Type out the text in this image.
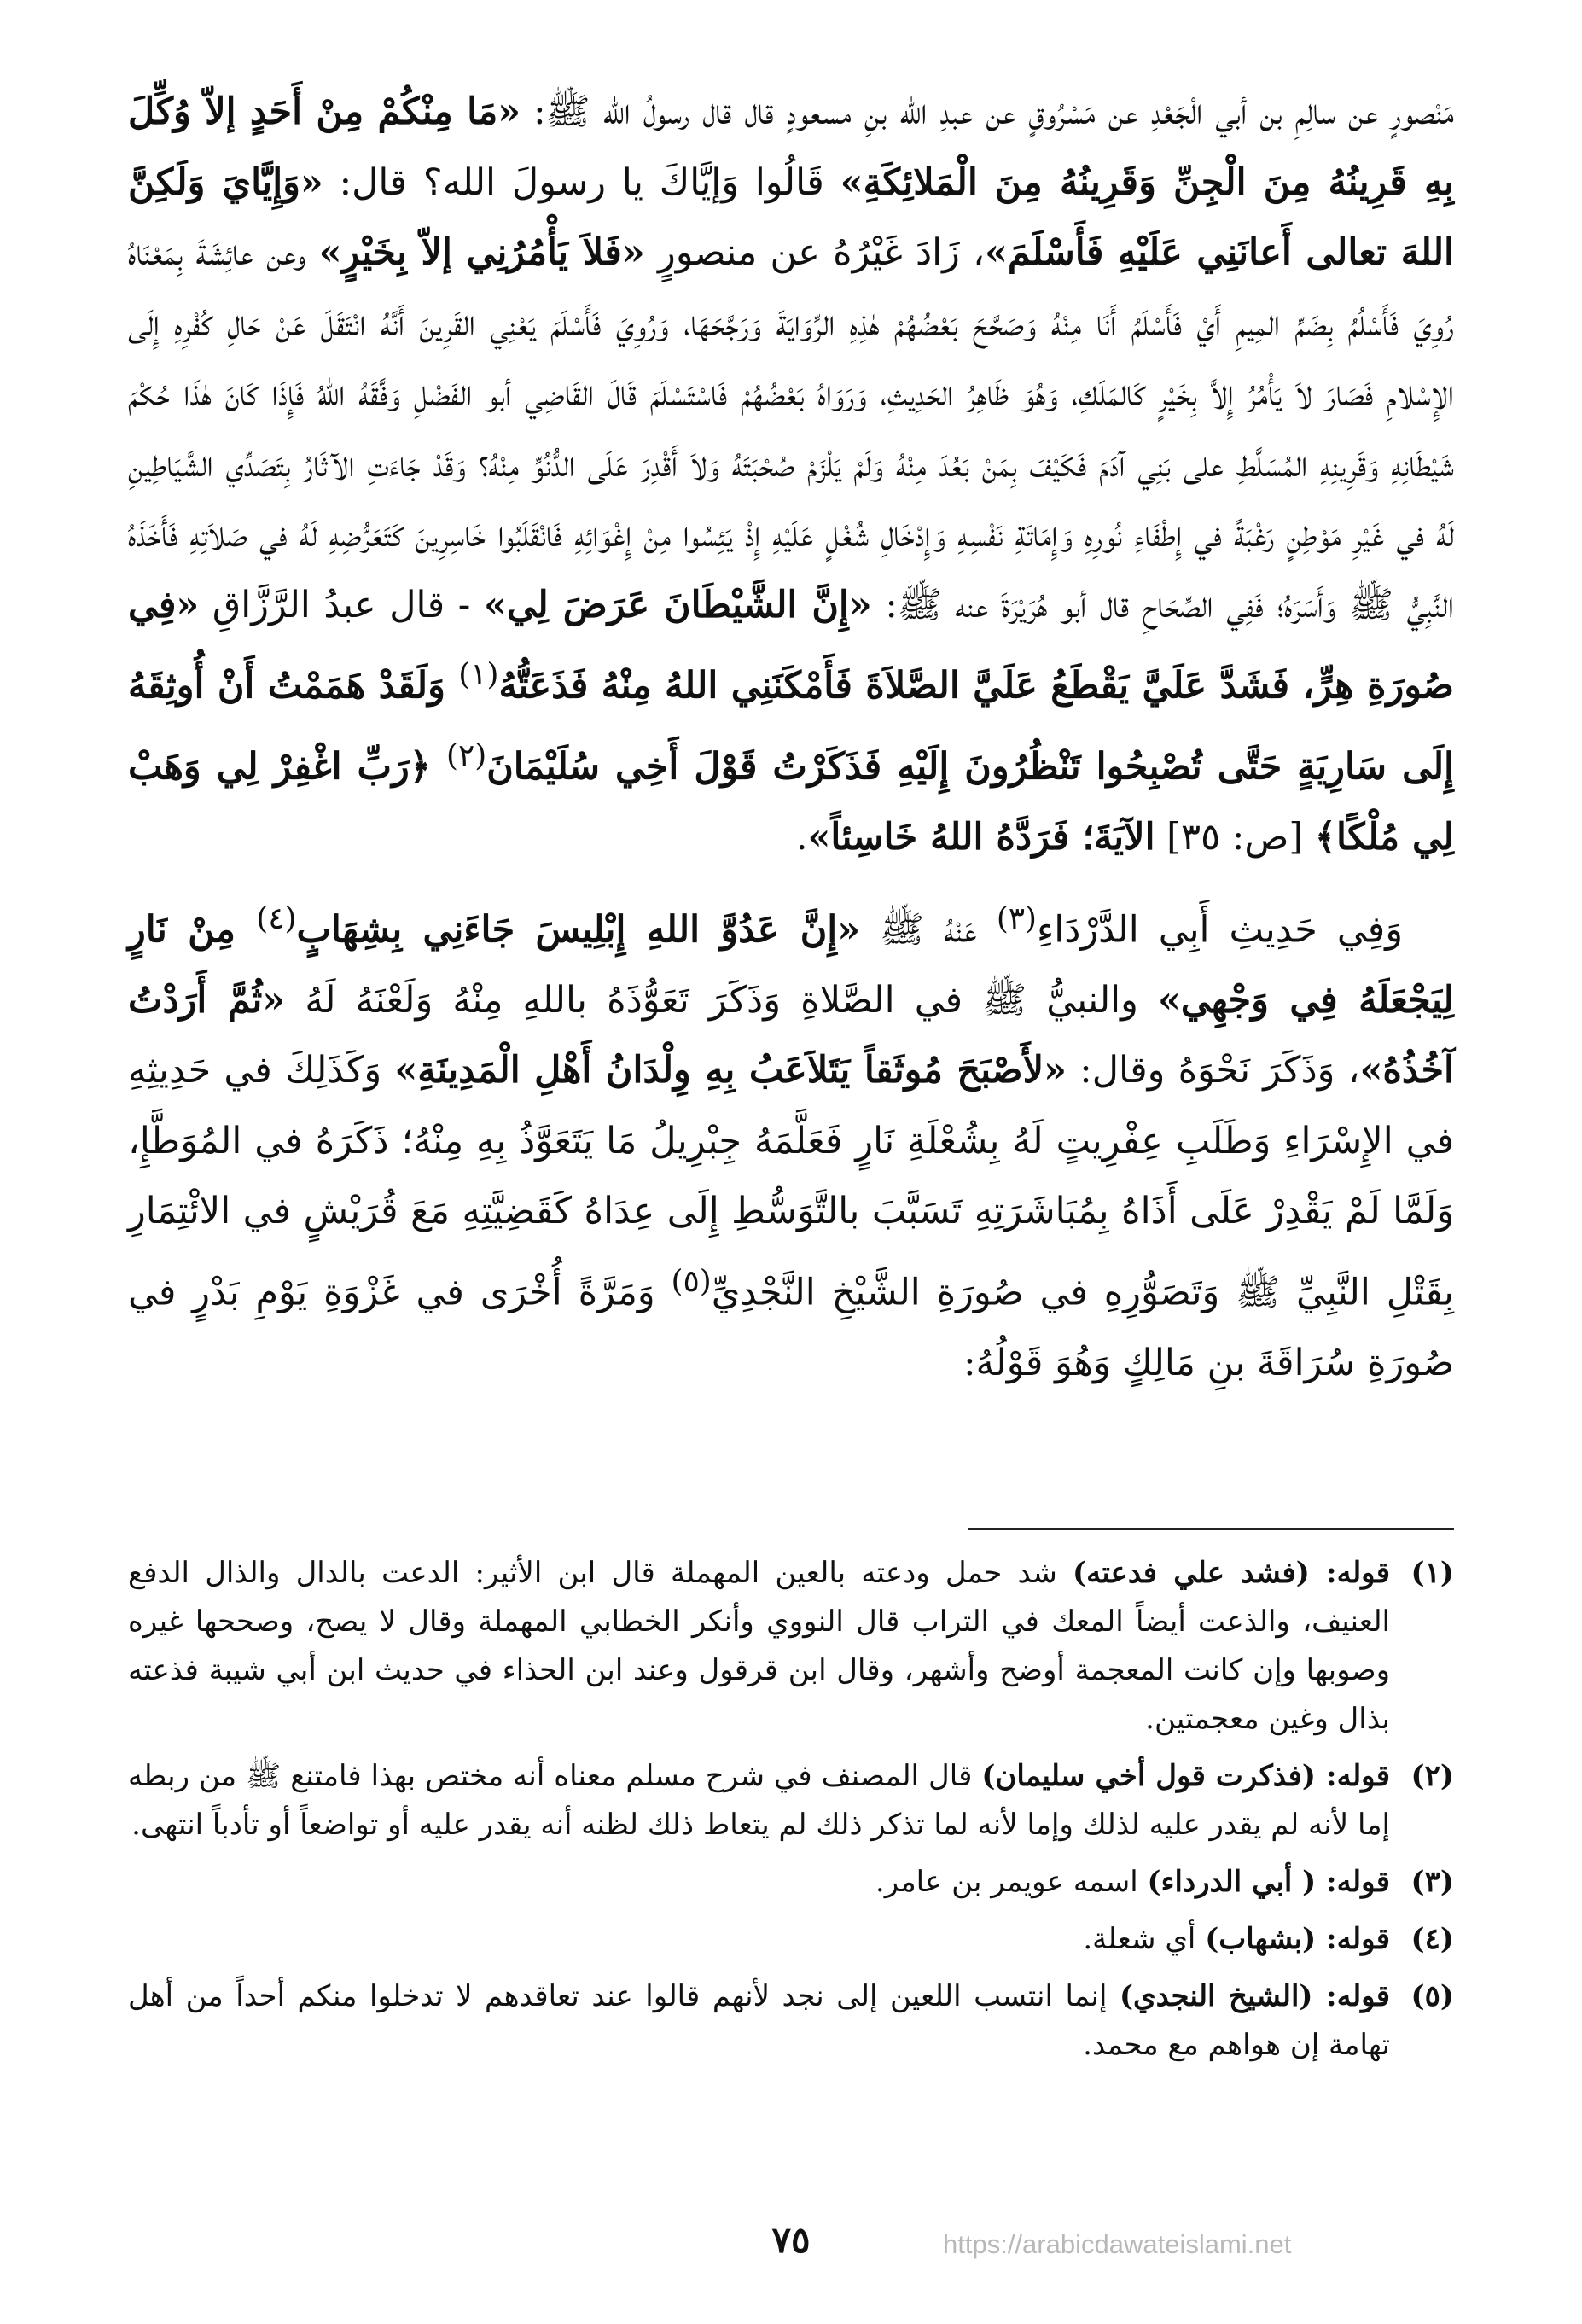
مَنْصورٍ عن سالِمِ بن أبي الْجَعْدِ عن مَسْرُوقٍ عن عبدِ الله بنِ مسعودٍ قال قال رسولُ الله ﷺ: «مَا مِنْكُمْ مِنْ أَحَدٍ إلاّ وُكِّلَ بِهِ قَرِينُهُ مِنَ الْجِنِّ وَقَرِينُهُ مِنَ الْمَلائِكَةِ» قَالُوا وَإيَّاكَ يا رسولَ الله؟ قال: «وَإِيَّايَ وَلَكِنَّ اللهَ تعالى أَعانَنِي عَلَيْهِ فَأَسْلَمَ»، زَادَ غَيْرُهُ عن منصورٍ «فَلاَ يَأْمُرُنِي إلاّ بِخَيْرٍ» وعن عائِشَةَ بِمَعْنَاهُ رُوِيَ فَأَسْلُمُ بِضَمِّ المِيمِ أَيْ فَأَسْلَمُ أَنَا مِنْهُ وَصَحَّحَ بَعْضُهُمْ هٰذِهِ الرِّوَايَةَ وَرَجَّحَهَا، وَرُوِيَ فَأَسْلَمَ يَعْنِي القَرِينَ أَنَّهُ انْتَقَلَ عَنْ حَالِ كُفْرِهِ إِلَى الإِسْلامِ فَصَارَ لاَ يَأْمُرُ إِلاَّ بِخَيْرٍ كَالمَلَكِ، وَهُوَ ظَاهِرُ الحَدِيثِ، وَرَوَاهُ بَعْضُهُمْ فَاسْتَسْلَمَ قَالَ القَاضِي أبو الفَضْلِ وَفَّقَهُ اللهُ فَإِذَا كَانَ هٰذَا حُكْمَ شَيْطَانِهِ وَقَرِينِهِ المُسَلَّطِ على بَنِي آدَمَ فَكَيْفَ بِمَنْ بَعُدَ مِنْهُ وَلَمْ يَلْزَمْ صُحْبَتَهُ وَلاَ أَقْدِرَ عَلَى الدُّنُوِّ مِنْهُ؟ وَقَدْ جَاءَتِ الآثَارُ بِتَصَدِّي الشَّيَاطِينِ لَهُ في غَيْرِ مَوْطِنٍ رَغْبَةً في إِطْفَاءِ نُورِهِ وَإِمَاتَةِ نَفْسِهِ وَإِدْخَالِ شُغْلٍ عَلَيْهِ إِذْ يَئِسُوا مِنْ إِغْوَائِهِ فَانْقَلَبُوا خَاسِرِينَ كَتَعَرُّضِهِ لَهُ في صَلاَتِهِ فَأَخَذَهُ النَّبِيُّ ﷺ وَأَسَرَهُ؛ فَفِي الصِّحَاحِ قال أبو هُرَيْرَةَ عنه ﷺ: «إِنَّ الشَّيْطَانَ عَرَضَ لِي» - قال عبدُ الرَّزَّاقِ «فِي صُورَةِ هِرٍّ، فَشَدَّ عَلَيَّ يَقْطَعُ عَلَيَّ الصَّلاَةَ فَأَمْكَنَنِي اللهُ مِنْهُ فَذَعَتُّهُ$^{(١)}$ وَلَقَدْ هَمَمْتُ أَنْ أُوثِقَهُ إِلَى سَارِيَةٍ حَتَّى تُصْبِحُوا تَنْظُرُونَ إِلَيْهِ فَذَكَرْتُ قَوْلَ أَخِي سُلَيْمَانَ$^{(٢)}$ ﴿رَبِّ اغْفِرْ لِي وَهَبْ لِي مُلْكًا﴾ [ص: ٣٥] الآيَةَ؛ فَرَدَّهُ اللهُ خَاسِئاً».

وَفِي حَدِيثِ أَبِي الدَّرْدَاءِ$^{(٣)}$ عَنْهُ ﷺ «إِنَّ عَدُوَّ اللهِ إِبْلِيسَ جَاءَنِي بِشِهَابٍ$^{(٤)}$ مِنْ نَارٍ لِيَجْعَلَهُ فِي وَجْهِي» والنبيُّ ﷺ في الصَّلاةِ وَذَكَرَ تَعَوُّذَهُ باللهِ مِنْهُ وَلَعْنَهُ لَهُ «ثُمَّ أَرَدْتُ آخُذُهُ»، وَذَكَرَ نَحْوَهُ وقال: «لأَصْبَحَ مُوثَقاً يَتَلاَعَبُ بِهِ وِلْدَانُ أَهْلِ الْمَدِينَةِ» وَكَذَلِكَ في حَدِيثِهِ في الإِسْرَاءِ وَطَلَبِ عِفْرِيتٍ لَهُ بِشُعْلَةِ نَارٍ فَعَلَّمَهُ جِبْرِيلُ مَا يَتَعَوَّذُ بِهِ مِنْهُ؛ ذَكَرَهُ في المُوَطَّإِ، وَلَمَّا لَمْ يَقْدِرْ عَلَى أَذَاهُ بِمُبَاشَرَتِهِ تَسَبَّبَ بالتَّوَسُّطِ إِلَى عِدَاهُ كَقَضِيَّتِهِ مَعَ قُرَيْشٍ في الائْتِمَارِ بِقَتْلِ النَّبِيِّ ﷺ وَتَصَوُّرِهِ في صُورَةِ الشَّيْخِ النَّجْدِيِّ$^{(٥)}$ وَمَرَّةً أُخْرَى في غَزْوَةِ يَوْمِ بَدْرٍ في صُورَةِ سُرَاقَةَ بنِ مَالِكٍ وَهُوَ قَوْلُهُ:

(١)
قوله: (فشد علي فدعته) شد حمل ودعته بالعين المهملة قال ابن الأثير: الدعت بالدال والذال الدفع العنيف، والذعت أيضاً المعك في التراب قال النووي وأنكر الخطابي المهملة وقال لا يصح، وصححها غيره وصوبها وإن كانت المعجمة أوضح وأشهر، وقال ابن قرقول وعند ابن الحذاء في حديث ابن أبي شيبة فذعته بذال وغين معجمتين.
(٢)
قوله: (فذكرت قول أخي سليمان) قال المصنف في شرح مسلم معناه أنه مختص بهذا فامتنع ﷺ من ربطه إما لأنه لم يقدر عليه لذلك وإما لأنه لما تذكر ذلك لم يتعاط ذلك لظنه أنه يقدر عليه أو تواضعاً أو تأدباً انتهى.
(٣)
قوله: ( أبي الدرداء) اسمه عويمر بن عامر.
(٤)
قوله: (بشهاب) أي شعلة.
(٥)
قوله: (الشيخ النجدي) إنما انتسب اللعين إلى نجد لأنهم قالوا عند تعاقدهم لا تدخلوا منكم أحداً من أهل تهامة إن هواهم مع محمد.
٧٥	https://arabicdawateislami.net
